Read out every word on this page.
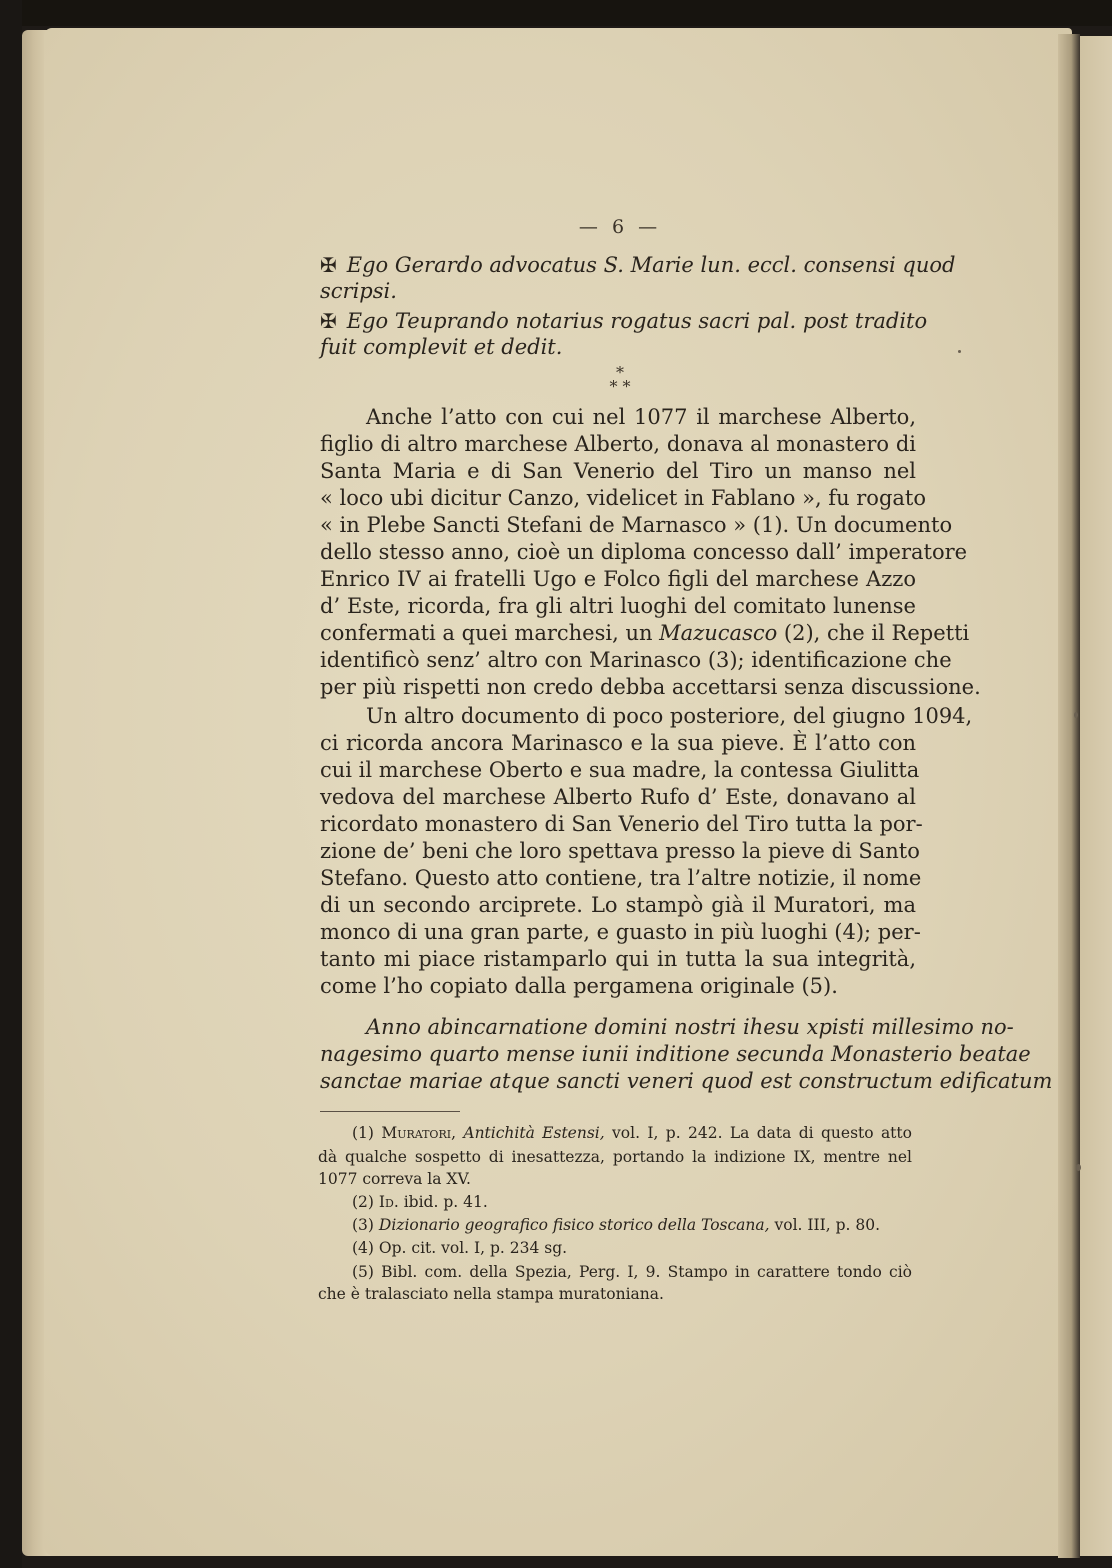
— 6 —
✠ Ego Gerardo advocatus S. Marie lun. eccl. consensi quod
scripsi.
✠ Ego Teuprando notarius rogatus sacri pal. post tradito
fuit complevit et dedit.
*
* *
Anche l’atto con cui nel 1077 il marchese Alberto,
figlio di altro marchese Alberto, donava al monastero di
Santa Maria e di San Venerio del Tiro un manso nel
« loco ubi dicitur Canzo, videlicet in Fablano », fu rogato
« in Plebe Sancti Stefani de Marnasco » (1). Un documento
dello stesso anno, cioè un diploma concesso dall’ imperatore
Enrico IV ai fratelli Ugo e Folco figli del marchese Azzo
d’ Este, ricorda, fra gli altri luoghi del comitato lunense
confermati a quei marchesi, un Mazucasco (2), che il Repetti
identificò senz’ altro con Marinasco (3); identificazione che
per più rispetti non credo debba accettarsi senza discussione.
Un altro documento di poco posteriore, del giugno 1094,
ci ricorda ancora Marinasco e la sua pieve. È l’atto con
cui il marchese Oberto e sua madre, la contessa Giulitta
vedova del marchese Alberto Rufo d’ Este, donavano al
ricordato monastero di San Venerio del Tiro tutta la por-
zione de’ beni che loro spettava presso la pieve di Santo
Stefano. Questo atto contiene, tra l’altre notizie, il nome
di un secondo arciprete. Lo stampò già il Muratori, ma
monco di una gran parte, e guasto in più luoghi (4); per-
tanto mi piace ristamparlo qui in tutta la sua integrità,
come l’ho copiato dalla pergamena originale (5).
Anno abincarnatione domini nostri ihesu xpisti millesimo no-
nagesimo quarto mense iunii inditione secunda Monasterio beatae
sanctae mariae atque sancti veneri quod est constructum edificatum
(1) Muratori, Antichità Estensi, vol. I, p. 242. La data di questo atto
dà qualche sospetto di inesattezza, portando la indizione IX, mentre nel
1077 correva la XV.
(2) Id. ibid. p. 41.
(3) Dizionario geografico fisico storico della Toscana, vol. III, p. 80.
(4) Op. cit. vol. I, p. 234 sg.
(5) Bibl. com. della Spezia, Perg. I, 9. Stampo in carattere tondo ciò
che è tralasciato nella stampa muratoniana.
